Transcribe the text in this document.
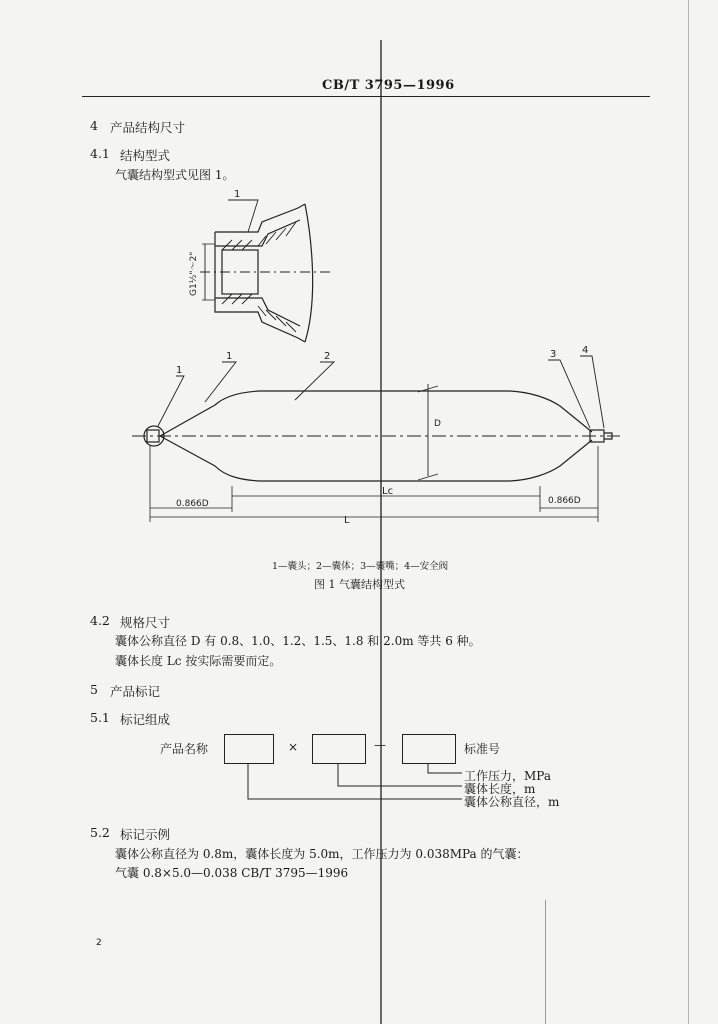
CB/T 3795—1996
4 产品结构尺寸
4.1 结构型式
气囊结构型式见图 1。
1
G1½"～2"
1
1	2	3	4
D
0.866D	0.866D
Lc
L
1—囊头；2—囊体；3—囊嘴；4—安全阀
图 1 气囊结构型式
4.2 规格尺寸
囊体公称直径 D 有 0.8、1.0、1.2、1.5、1.8 和 2.0m 等共 6 种。
囊体长度 Lc 按实际需要而定。
5 产品标记
5.1 标记组成
产品名称	×	—	标准号
工作压力，MPa
囊体长度，m
囊体公称直径，m
5.2 标记示例
囊体公称直径为 0.8m，囊体长度为 5.0m，工作压力为 0.038MPa 的气囊：
气囊 0.8×5.0—0.038 CB/T 3795—1996
2
